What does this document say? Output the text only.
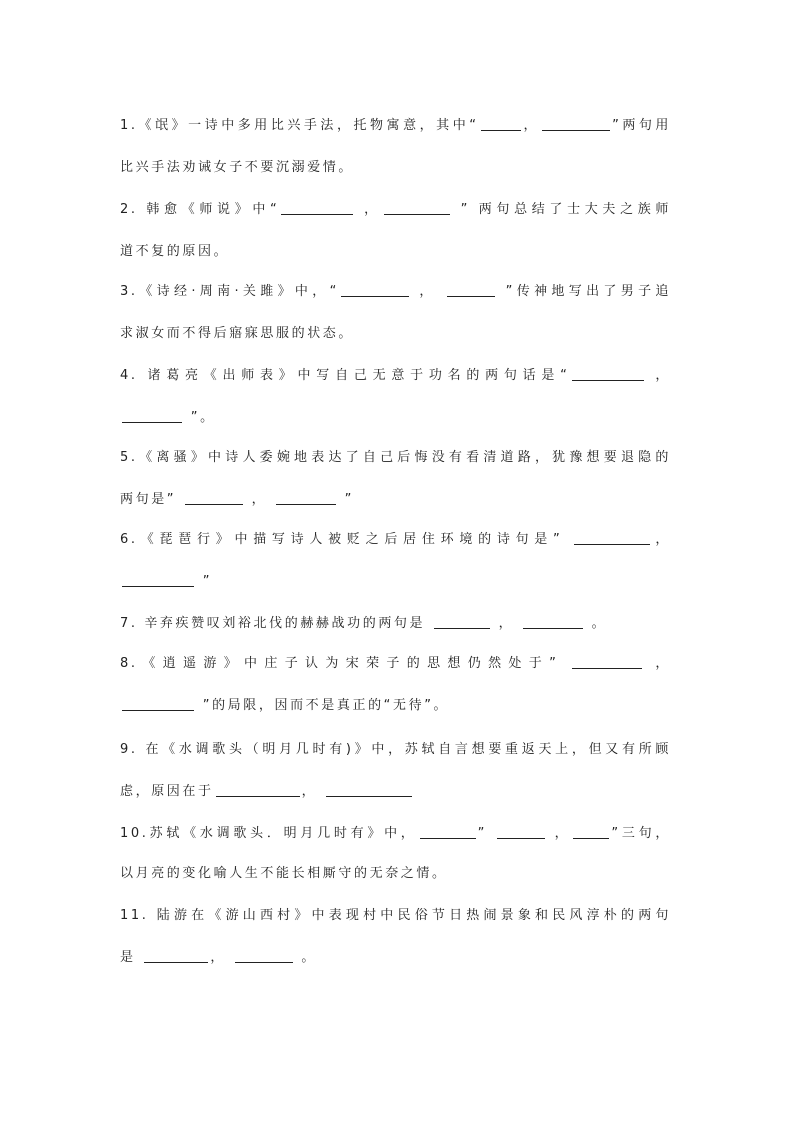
1.《氓》一诗中多用比兴手法，托物寓意，其中“	，	”两句用
比兴手法劝诫女子不要沉溺爱情。
2. 韩愈《师说》中“	，	” 两句总结了士大夫之族师
道不复的原因。
3.《诗经·周南·关雎》中，“	，	”传神地写出了男子追
求淑女而不得后寤寐思服的状态。
4. 诸葛亮《出师表》中写自己无意于功名的两句话是“	，
”。
5.《离骚》中诗人委婉地表达了自己后悔没有看清道路，犹豫想要退隐的
两句是”	，	”
6.《琵琶行》中描写诗人被贬之后居住环境的诗句是”	，
”
7. 辛弃疾赞叹刘裕北伐的赫赫战功的两句是	，	。
8.《逍遥游》中庄子认为宋荣子的思想仍然处于”	，
”的局限，因而不是真正的“无待”。
9. 在《水调歌头（明月几时有)》中，苏轼自言想要重返天上，但又有所顾
虑，原因在于	，
10.苏轼《水调歌头．明月几时有》中，	”	，	”三句，
以月亮的变化喻人生不能长相厮守的无奈之情。
11. 陆游在《游山西村》中表现村中民俗节日热闹景象和民风淳朴的两句
是	，	。
